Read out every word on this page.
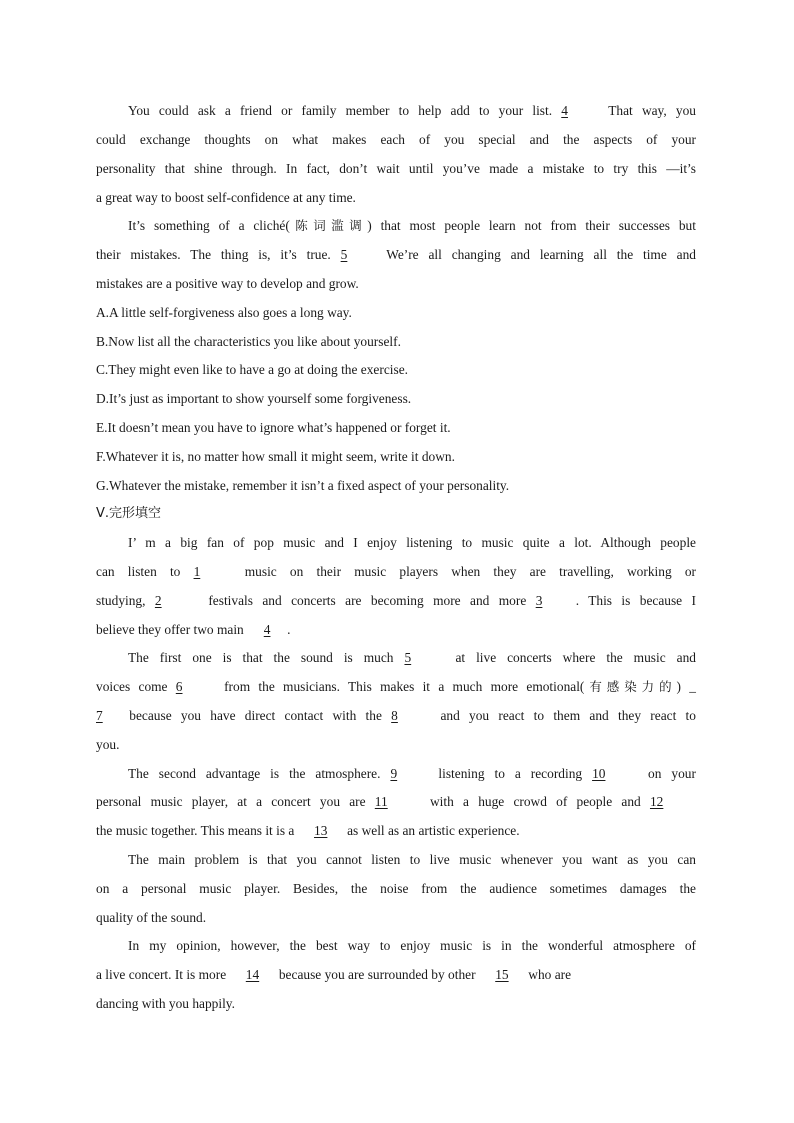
You could ask a friend or family member to help add to your list. 4	That way, you
could exchange thoughts on what makes each of you special and the aspects of your
personality that shine through. In fact, don’t wait until you’ve made a mistake to try this —it’s
a great way to boost self-confidence at any time.
It’s something of a cliché(陈词滥调) that most people learn not from their successes but
their mistakes. The thing is, it’s true. 5	We’re all changing and learning all the time and
mistakes are a positive way to develop and grow.
A.A little self-forgiveness also goes a long way.
B.Now list all the characteristics you like about yourself.
C.They might even like to have a go at doing the exercise.
D.It’s just as important to show yourself some forgiveness.
E.It doesn’t mean you have to ignore what’s happened or forget it.
F.Whatever it is, no matter how small it might seem, write it down.
G.Whatever the mistake, remember it isn’t a fixed aspect of your personality.
Ⅴ.完形填空
I’ m a big fan of pop music and I enjoy listening to music quite a lot. Although people
can listen to 1	music on their music players when they are travelling, working or
studying, 2	festivals and concerts are becoming more and more 3 . This is because I
believe they offer two main 4 .
The first one is that the sound is much 5	at live concerts where the music and
voices come 6	from the musicians. This makes it a much more emotional(有感染力的) _
7 because you have direct contact with the 8	and you react to them and they react to
you.
The second advantage is the atmosphere. 9	listening to a recording 10	on your
personal music player, at a concert you are 11	with a huge crowd of people and 12
the music together. This means it is a 13 as well as an artistic experience.
The main problem is that you cannot listen to live music whenever you want as you can
on a personal music player. Besides, the noise from the audience sometimes damages the
quality of the sound.
In my opinion, however, the best way to enjoy music is in the wonderful atmosphere of
a live concert. It is more 14 because you are surrounded by other 15 who are
dancing with you happily.
